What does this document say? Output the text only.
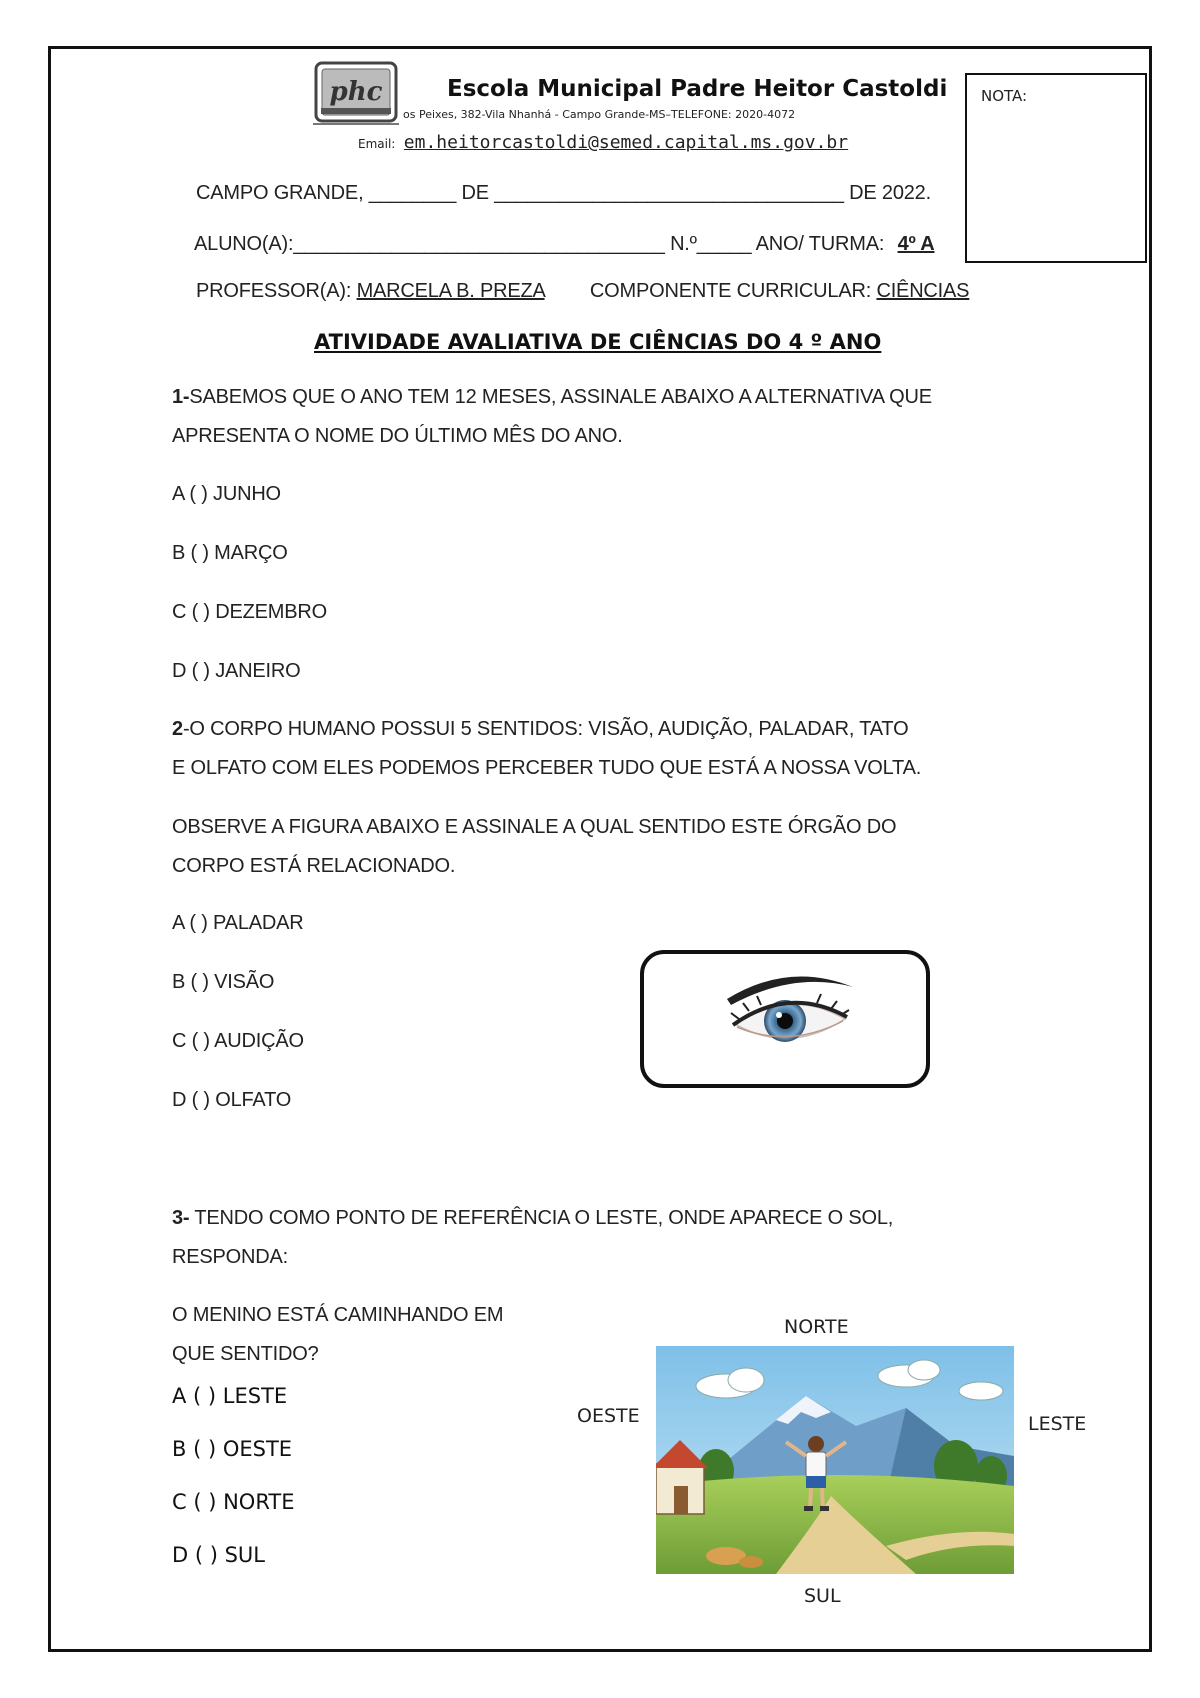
phc	Escola Municipal Padre Heitor Castoldi
os Peixes, 382-Vila Nhanhá - Campo Grande-MS–TELEFONE: 2020-4072
Email: em.heitorcastoldi@semed.capital.ms.gov.br
NOTA:
CAMPO GRANDE, ________ DE ________________________________ DE 2022.
ALUNO(A):__________________________________ N.º_____ ANO/ TURMA: 4º A
PROFESSOR(A): MARCELA B. PREZA COMPONENTE CURRICULAR: CIÊNCIAS
ATIVIDADE AVALIATIVA DE CIÊNCIAS DO 4 º ANO
1-SABEMOS QUE O ANO TEM 12 MESES, ASSINALE ABAIXO A ALTERNATIVA QUE
APRESENTA O NOME DO ÚLTIMO MÊS DO ANO.
A ( ) JUNHO
B ( ) MARÇO
C ( ) DEZEMBRO
D ( ) JANEIRO
2-O CORPO HUMANO POSSUI 5 SENTIDOS: VISÃO, AUDIÇÃO, PALADAR, TATO
E OLFATO COM ELES PODEMOS PERCEBER TUDO QUE ESTÁ A NOSSA VOLTA.
OBSERVE A FIGURA ABAIXO E ASSINALE A QUAL SENTIDO ESTE ÓRGÃO DO
CORPO ESTÁ RELACIONADO.
A ( ) PALADAR
B ( ) VISÃO
C ( ) AUDIÇÃO
D ( ) OLFATO
3- TENDO COMO PONTO DE REFERÊNCIA O LESTE, ONDE APARECE O SOL,
RESPONDA:
O MENINO ESTÁ CAMINHANDO EM
QUE SENTIDO?
A ( ) LESTE
B ( ) OESTE
C ( ) NORTE
D ( ) SUL
NORTE
OESTE	LESTE
SUL
